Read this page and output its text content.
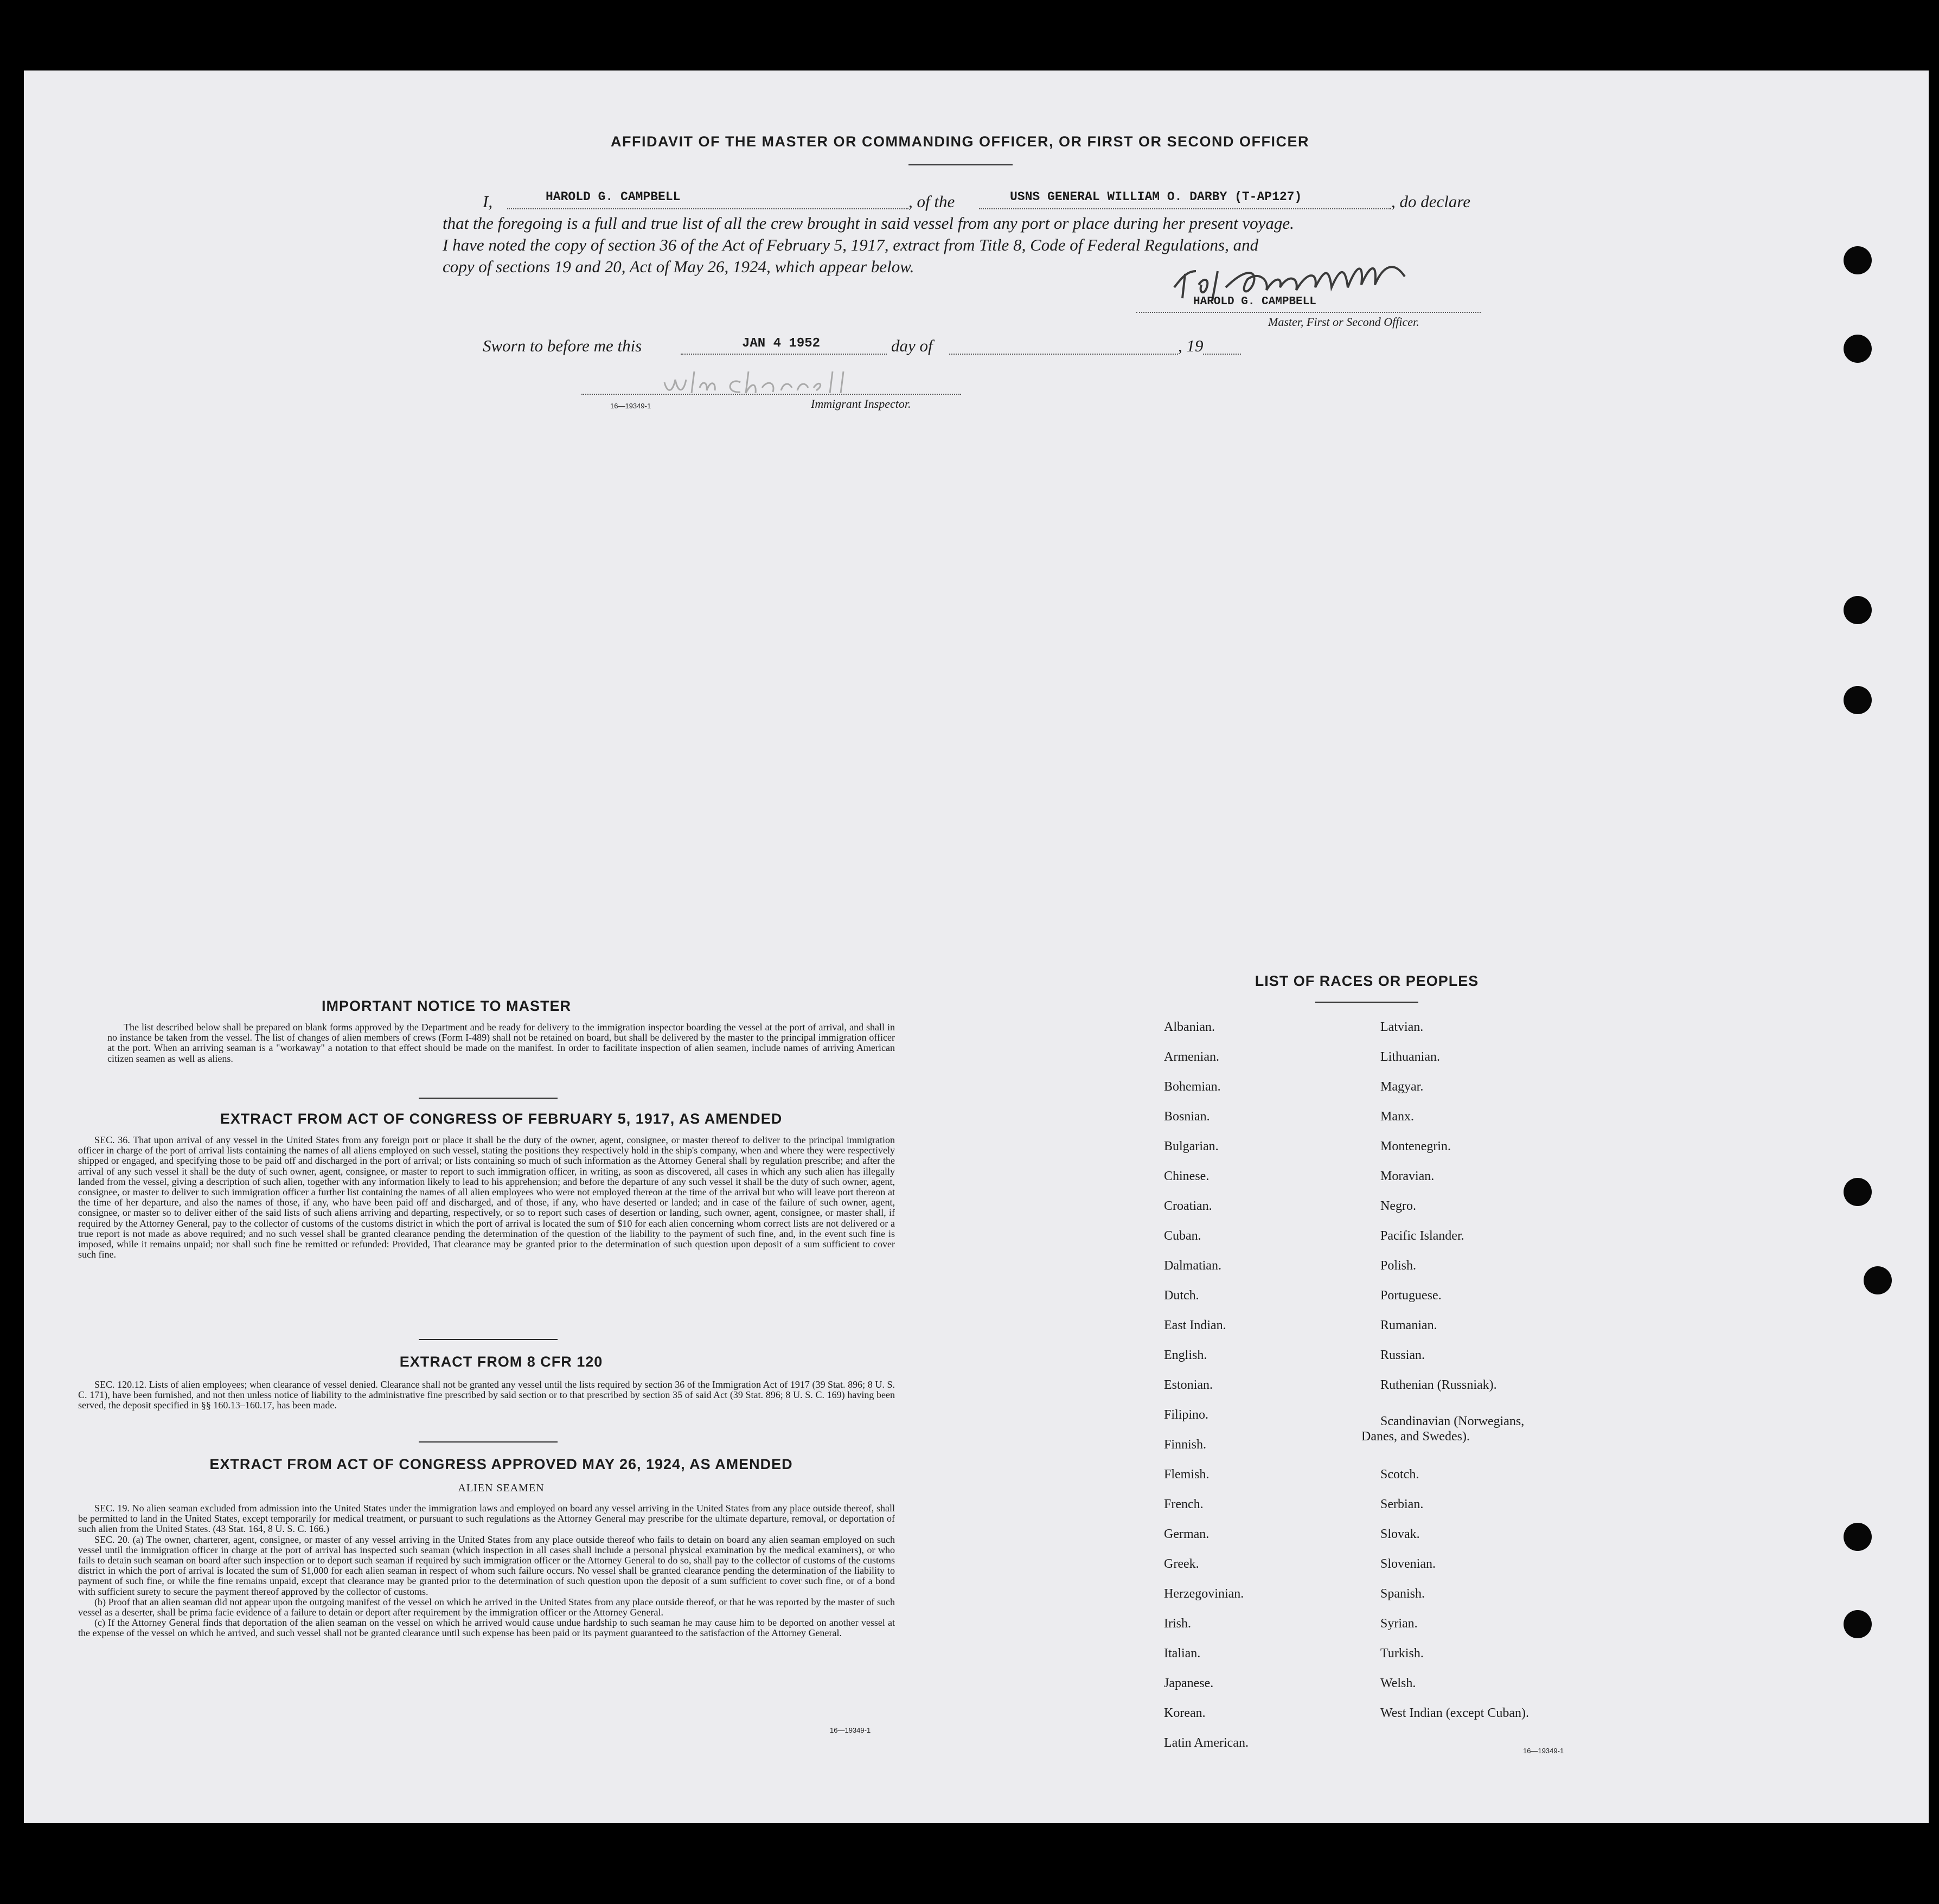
AFFIDAVIT OF THE MASTER OR COMMANDING OFFICER, OR FIRST OR SECOND OFFICER
I,	HAROLD G. CAMPBELL	, of the	USNS GENERAL WILLIAM O. DARBY (T-AP127)	, do declare
that the foregoing is a full and true list of all the crew brought in said vessel from any port or place during her present voyage.
I have noted the copy of section 36 of the Act of February 5, 1917, extract from Title 8, Code of Federal Regulations, and
copy of sections 19 and 20, Act of May 26, 1924, which appear below.
HAROLD G. CAMPBELL
Master, First or Second Officer.
Sworn to before me this	JAN 4 1952	day of	, 19
16—19349-1	Immigrant Inspector.
IMPORTANT NOTICE TO MASTER

The list described below shall be prepared on blank forms approved by the Department and be ready for delivery to the immigration inspector boarding the vessel at the port of arrival, and shall in no instance be taken from the vessel. The list of changes of alien members of crews (Form I-489) shall not be retained on board, but shall be delivered by the master to the principal immigration officer at the port. When an arriving seaman is a "workaway" a notation to that effect should be made on the manifest. In order to facilitate inspection of alien seamen, include names of arriving American citizen seamen as well as aliens.

EXTRACT FROM ACT OF CONGRESS OF FEBRUARY 5, 1917, AS AMENDED

SEC. 36. That upon arrival of any vessel in the United States from any foreign port or place it shall be the duty of the owner, agent, consignee, or master thereof to deliver to the principal immigration officer in charge of the port of arrival lists containing the names of all aliens employed on such vessel, stating the positions they respectively hold in the ship's company, when and where they were respectively shipped or engaged, and specifying those to be paid off and discharged in the port of arrival; or lists containing so much of such information as the Attorney General shall by regulation prescribe; and after the arrival of any such vessel it shall be the duty of such owner, agent, consignee, or master to report to such immigration officer, in writing, as soon as discovered, all cases in which any such alien has illegally landed from the vessel, giving a description of such alien, together with any information likely to lead to his apprehension; and before the departure of any such vessel it shall be the duty of such owner, agent, consignee, or master to deliver to such immigration officer a further list containing the names of all alien employees who were not employed thereon at the time of the arrival but who will leave port thereon at the time of her departure, and also the names of those, if any, who have been paid off and discharged, and of those, if any, who have deserted or landed; and in case of the failure of such owner, agent, consignee, or master so to deliver either of the said lists of such aliens arriving and departing, respectively, or so to report such cases of desertion or landing, such owner, agent, consignee, or master shall, if required by the Attorney General, pay to the collector of customs of the customs district in which the port of arrival is located the sum of $10 for each alien concerning whom correct lists are not delivered or a true report is not made as above required; and no such vessel shall be granted clearance pending the determination of the question of the liability to the payment of such fine, and, in the event such fine is imposed, while it remains unpaid; nor shall such fine be remitted or refunded: Provided, That clearance may be granted prior to the determination of such question upon deposit of a sum sufficient to cover such fine.

EXTRACT FROM 8 CFR 120

SEC. 120.12. Lists of alien employees; when clearance of vessel denied. Clearance shall not be granted any vessel until the lists required by section 36 of the Immigration Act of 1917 (39 Stat. 896; 8 U. S. C. 171), have been furnished, and not then unless notice of liability to the administrative fine prescribed by said section or to that prescribed by section 35 of said Act (39 Stat. 896; 8 U. S. C. 169) having been served, the deposit specified in §§ 160.13–160.17, has been made.

EXTRACT FROM ACT OF CONGRESS APPROVED MAY 26, 1924, AS AMENDED
ALIEN SEAMEN

SEC. 19. No alien seaman excluded from admission into the United States under the immigration laws and employed on board any vessel arriving in the United States from any place outside thereof, shall be permitted to land in the United States, except temporarily for medical treatment, or pursuant to such regulations as the Attorney General may prescribe for the ultimate departure, removal, or deportation of such alien from the United States. (43 Stat. 164, 8 U. S. C. 166.)

SEC. 20. (a) The owner, charterer, agent, consignee, or master of any vessel arriving in the United States from any place outside thereof who fails to detain on board any alien seaman employed on such vessel until the immigration officer in charge at the port of arrival has inspected such seaman (which inspection in all cases shall include a personal physical examination by the medical examiners), or who fails to detain such seaman on board after such inspection or to deport such seaman if required by such immigration officer or the Attorney General to do so, shall pay to the collector of customs of the customs district in which the port of arrival is located the sum of $1,000 for each alien seaman in respect of whom such failure occurs. No vessel shall be granted clearance pending the determination of the liability to payment of such fine, or while the fine remains unpaid, except that clearance may be granted prior to the determination of such question upon the deposit of a sum sufficient to cover such fine, or of a bond with sufficient surety to secure the payment thereof approved by the collector of customs.

(b) Proof that an alien seaman did not appear upon the outgoing manifest of the vessel on which he arrived in the United States from any place outside thereof, or that he was reported by the master of such vessel as a deserter, shall be prima facie evidence of a failure to detain or deport after requirement by the immigration officer or the Attorney General.

(c) If the Attorney General finds that deportation of the alien seaman on the vessel on which he arrived would cause undue hardship to such seaman he may cause him to be deported on another vessel at the expense of the vessel on which he arrived, and such vessel shall not be granted clearance until such expense has been paid or its payment guaranteed to the satisfaction of the Attorney General.

16—19349-1
LIST OF RACES OR PEOPLES
Albanian.
Armenian.
Bohemian.
Bosnian.
Bulgarian.
Chinese.
Croatian.
Cuban.
Dalmatian.
Dutch.
East Indian.
English.
Estonian.
Filipino.
Finnish.
Flemish.
French.
German.
Greek.
Herzegovinian.
Irish.
Italian.
Japanese.
Korean.
Latin American.
Latvian.
Lithuanian.
Magyar.
Manx.
Montenegrin.
Moravian.
Negro.
Pacific Islander.
Polish.
Portuguese.
Rumanian.
Russian.
Ruthenian (Russniak).
Scandinavian (Norwegians,
Danes, and Swedes).
Scotch.
Serbian.
Slovak.
Slovenian.
Spanish.
Syrian.
Turkish.
Welsh.
West Indian (except Cuban).
16—19349-1
